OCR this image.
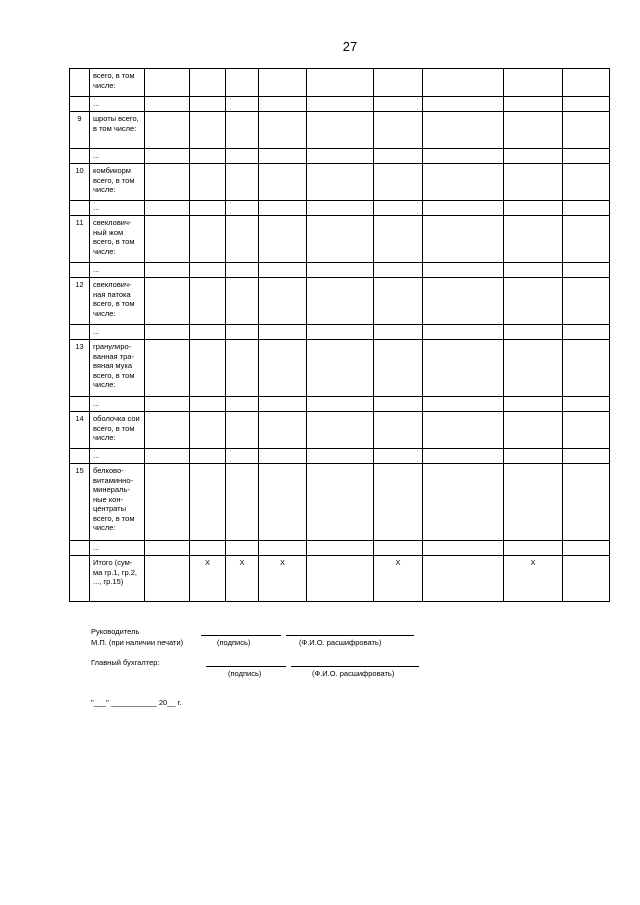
27
	всего, в том числе:									
	...									
9	шроты всего, в том числе:									
	...									
10	комбикорм всего, в том числе:									
	...									
11	свеклович- ный жом всего, в том числе:									
	...									
12	свеклович- ная патока всего, в том числе:									
	...									
13	гранулиро- ванная тра- вяная мука всего, в том числе:									
	...									
14	оболочка сои всего, в том числе:									
	...									
15	белково- витаминно- минераль- ные кон- центраты всего, в том числе:									
	...									
	Итого (сум- ма гр.1, гр.2, ..., гр.15)		X	X	X		X		X	
Руководитель
М.П. (при наличии печати)	(подпись)	(Ф.И.О. расшифровать)
Главный бухгалтер:
(подпись)	(Ф.И.О. расшифровать)
"___" ___________ 20__ г.
